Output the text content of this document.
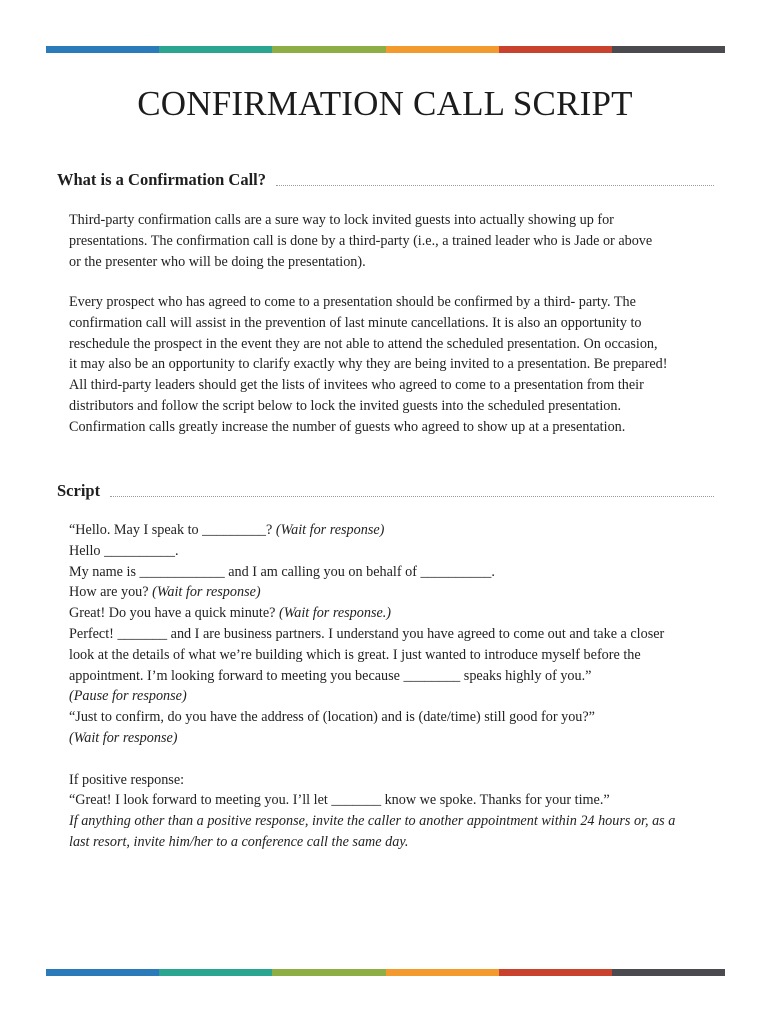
CONFIRMATION CALL SCRIPT
What is a Confirmation Call?
Third-party confirmation calls are a sure way to lock invited guests into actually showing up for
presentations. The confirmation call is done by a third-party (i.e., a trained leader who is Jade or above
or the presenter who will be doing the presentation).
Every prospect who has agreed to come to a presentation should be confirmed by a third- party. The
confirmation call will assist in the prevention of last minute cancellations. It is also an opportunity to
reschedule the prospect in the event they are not able to attend the scheduled presentation. On occasion,
it may also be an opportunity to clarify exactly why they are being invited to a presentation. Be prepared!
All third-party leaders should get the lists of invitees who agreed to come to a presentation from their
distributors and follow the script below to lock the invited guests into the scheduled presentation.
Confirmation calls greatly increase the number of guests who agreed to show up at a presentation.
Script
“Hello. May I speak to _________? (Wait for response)
Hello __________.
My name is ____________ and I am calling you on behalf of __________.
How are you? (Wait for response)
Great! Do you have a quick minute? (Wait for response.)
Perfect! _______ and I are business partners. I understand you have agreed to come out and take a closer
look at the details of what we’re building which is great. I just wanted to introduce myself before the
appointment. I’m looking forward to meeting you because ________ speaks highly of you.”
(Pause for response)
“Just to confirm, do you have the address of (location) and is (date/time) still good for you?”
(Wait for response)
If positive response:
“Great! I look forward to meeting you. I’ll let _______ know we spoke. Thanks for your time.”
If anything other than a positive response, invite the caller to another appointment within 24 hours or, as a
last resort, invite him/her to a conference call the same day.
